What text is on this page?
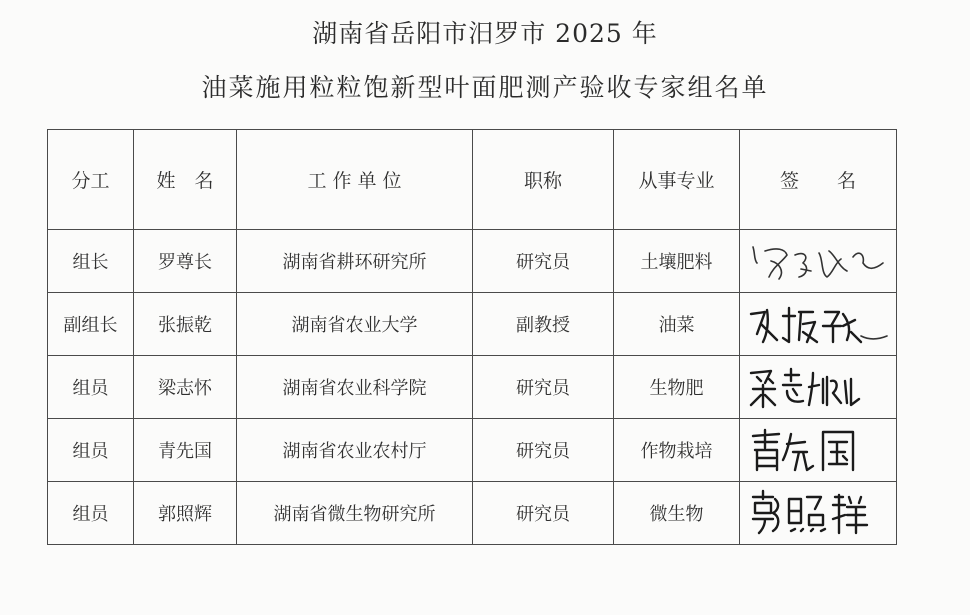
湖南省岳阳市汨罗市 2025 年
油菜施用粒粒饱新型叶面肥测产验收专家组名单
分工	姓　名	工 作 单 位	职称	从事专业	签　　名
组长	罗尊长	湖南省耕环研究所	研究员	土壤肥料	

副组长	张振乾	湖南省农业大学	副教授	油菜	

组员	梁志怀	湖南省农业科学院	研究员	生物肥	

组员	青先国	湖南省农业农村厅	研究员	作物栽培	

组员	郭照辉	湖南省微生物研究所	研究员	微生物	
